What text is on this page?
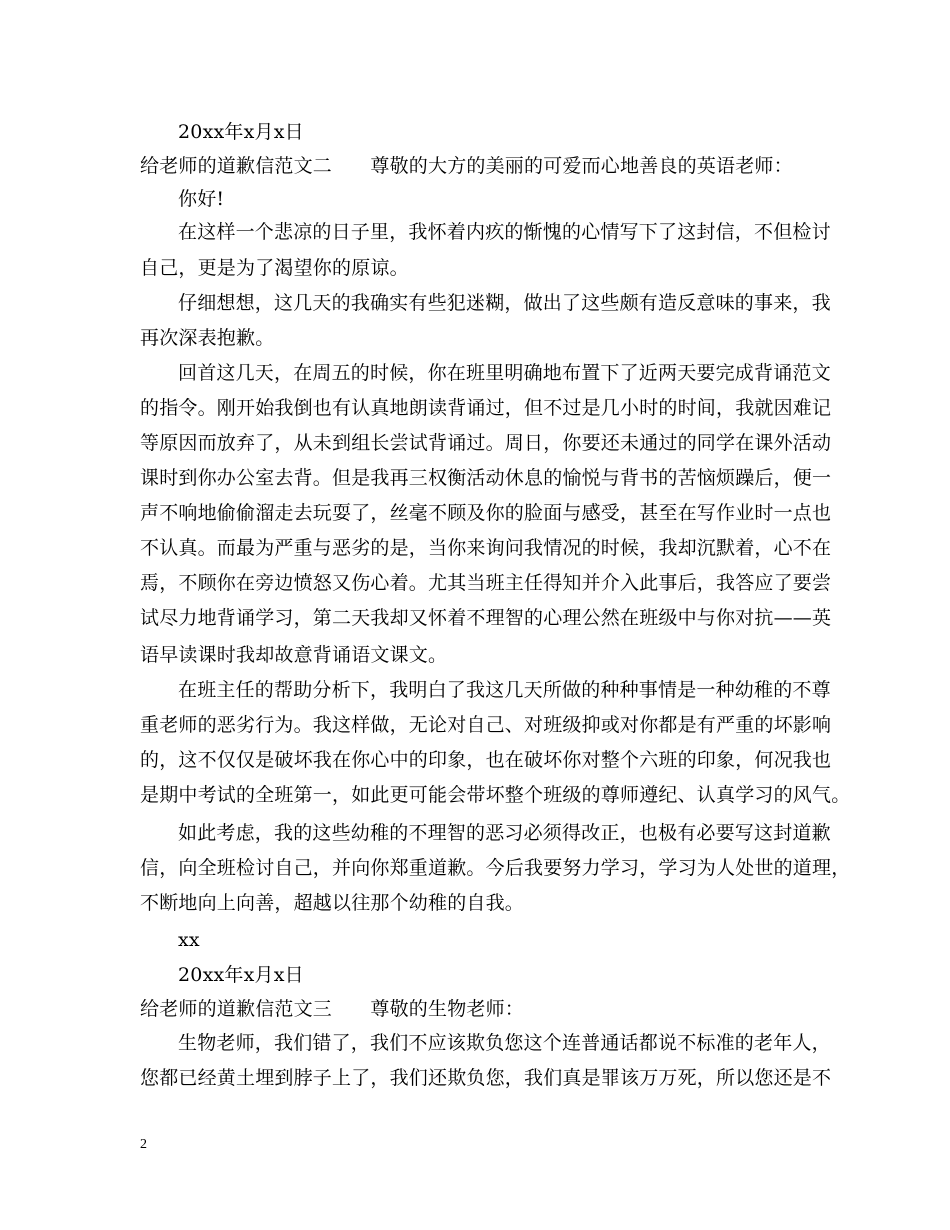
20xx年x月x日
给老师的道歉信范文二　　尊敬的大方的美丽的可爱而心地善良的英语老师：
你好!
在这样一个悲凉的日子里，我怀着内疚的惭愧的心情写下了这封信，不但检讨
自己，更是为了渴望你的原谅。
仔细想想，这几天的我确实有些犯迷糊，做出了这些颇有造反意味的事来，我
再次深表抱歉。
回首这几天，在周五的时候，你在班里明确地布置下了近两天要完成背诵范文
的指令。刚开始我倒也有认真地朗读背诵过，但不过是几小时的时间，我就因难记
等原因而放弃了，从未到组长尝试背诵过。周日，你要还未通过的同学在课外活动
课时到你办公室去背。但是我再三权衡活动休息的愉悦与背书的苦恼烦躁后，便一
声不响地偷偷溜走去玩耍了，丝毫不顾及你的脸面与感受，甚至在写作业时一点也
不认真。而最为严重与恶劣的是，当你来询问我情况的时候，我却沉默着，心不在
焉，不顾你在旁边愤怒又伤心着。尤其当班主任得知并介入此事后，我答应了要尝
试尽力地背诵学习，第二天我却又怀着不理智的心理公然在班级中与你对抗——英
语早读课时我却故意背诵语文课文。
在班主任的帮助分析下，我明白了我这几天所做的种种事情是一种幼稚的不尊
重老师的恶劣行为。我这样做，无论对自己、对班级抑或对你都是有严重的坏影响
的，这不仅仅是破坏我在你心中的印象，也在破坏你对整个六班的印象，何况我也
是期中考试的全班第一，如此更可能会带坏整个班级的尊师遵纪、认真学习的风气。
如此考虑，我的这些幼稚的不理智的恶习必须得改正，也极有必要写这封道歉
信，向全班检讨自己，并向你郑重道歉。今后我要努力学习，学习为人处世的道理，
不断地向上向善，超越以往那个幼稚的自我。
xx
20xx年x月x日
给老师的道歉信范文三　　尊敬的生物老师：
生物老师，我们错了，我们不应该欺负您这个连普通话都说不标准的老年人，
您都已经黄土埋到脖子上了，我们还欺负您，我们真是罪该万万死，所以您还是不
2
